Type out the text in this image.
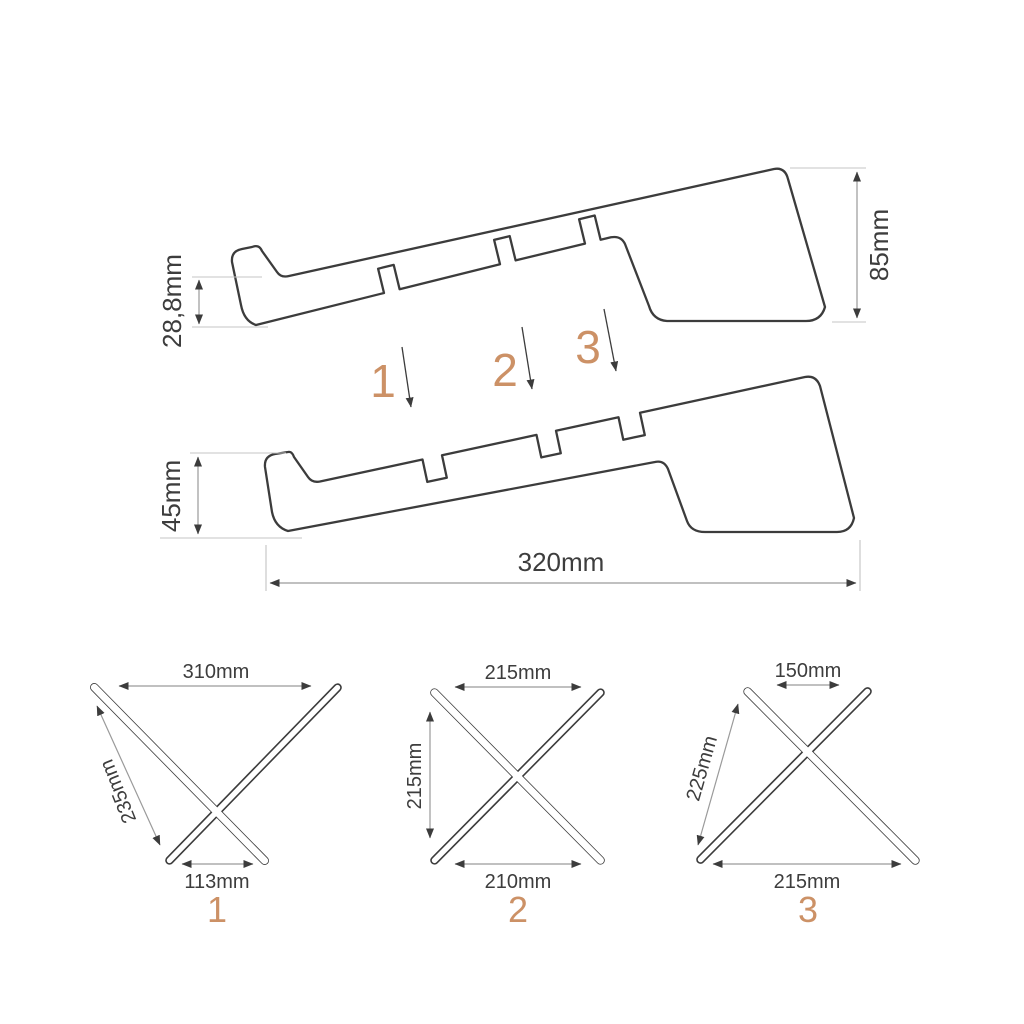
28,8mm
85mm
45mm
320mm
1 2 3
310mm
235mm
113mm
1
215mm
215mm
210mm
2
150mm
225mm
215mm
3
